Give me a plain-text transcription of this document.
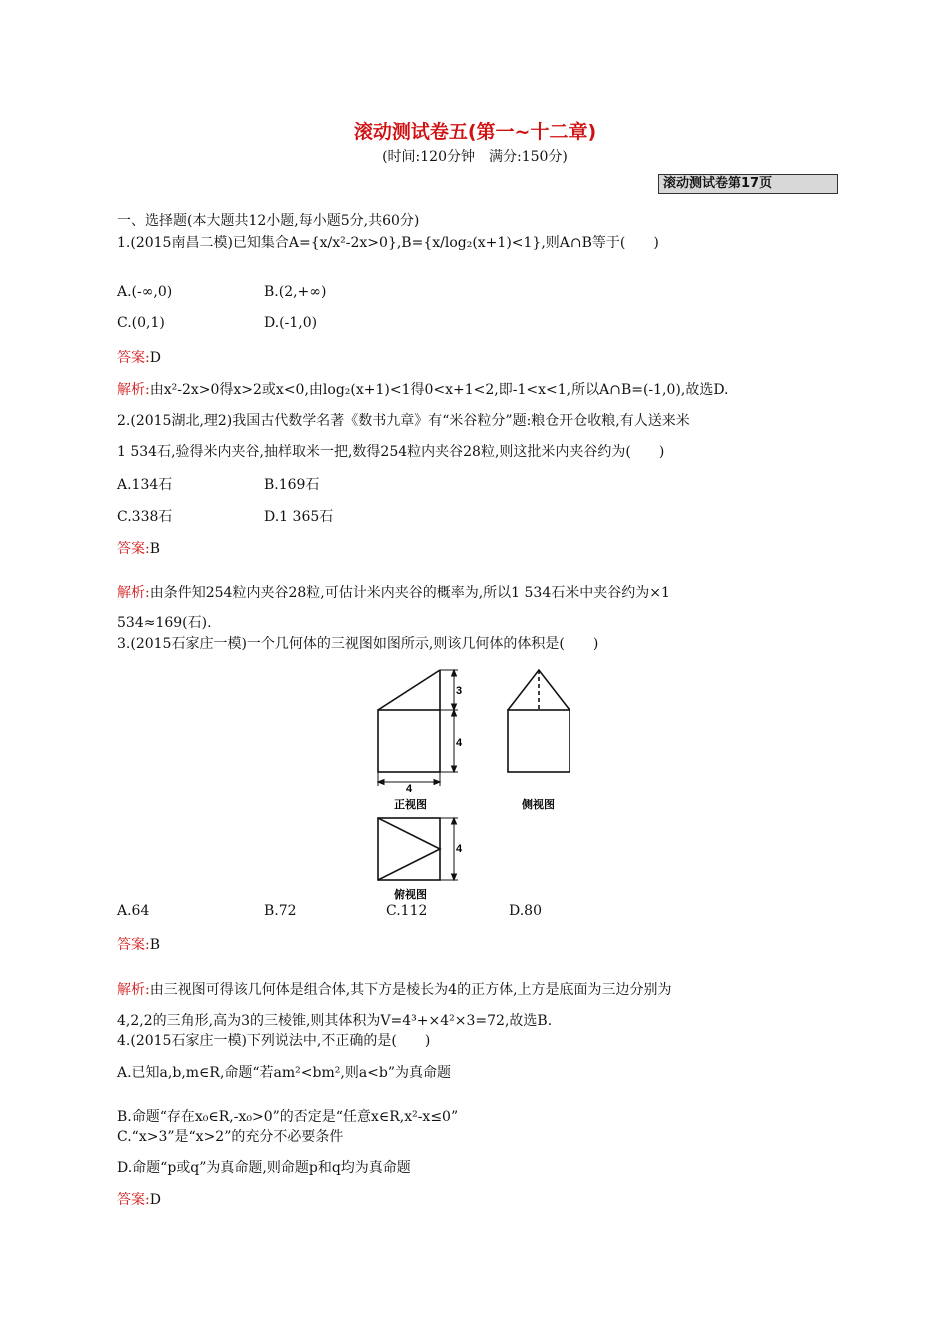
滚动测试卷五(第一~十二章)
(时间:120分钟　满分:150分)
滚动测试卷第17页
一、选择题(本大题共12小题,每小题5分,共60分)
1.(2015南昌二模)已知集合A={x/x²-2x>0},B={x/log₂(x+1)<1},则A∩B等于(　　)
A.(-∞,0)	B.(2,+∞)
C.(0,1)	D.(-1,0)
答案:D
解析:由x²-2x>0得x>2或x<0,由log₂(x+1)<1得0<x+1<2,即-1<x<1,所以A∩B=(-1,0),故选D.
2.(2015湖北,理2)我国古代数学名著《数书九章》有“米谷粒分”题:粮仓开仓收粮,有人送来米
1 534石,验得米内夹谷,抽样取米一把,数得254粒内夹谷28粒,则这批米内夹谷约为(　　)
A.134石	B.169石
C.338石	D.1 365石
答案:B
解析:由条件知254粒内夹谷28粒,可估计米内夹谷的概率为,所以1 534石米中夹谷约为×1
534≈169(石).
3.(2015石家庄一模)一个几何体的三视图如图所示,则该几何体的体积是(　　)
3
4
4
正视图	侧视图
4
俯视图
A.64	B.72	C.112	D.80
答案:B
解析:由三视图可得该几何体是组合体,其下方是棱长为4的正方体,上方是底面为三边分别为
4,2,2的三角形,高为3的三棱锥,则其体积为V=4³+×4²×3=72,故选B.
4.(2015石家庄一模)下列说法中,不正确的是(　　)
A.已知a,b,m∈R,命题“若am²<bm²,则a<b”为真命题
B.命题“存在x₀∈R,-x₀>0”的否定是“任意x∈R,x²-x≤0”
C.“x>3”是“x>2”的充分不必要条件
D.命题“p或q”为真命题,则命题p和q均为真命题
答案:D
